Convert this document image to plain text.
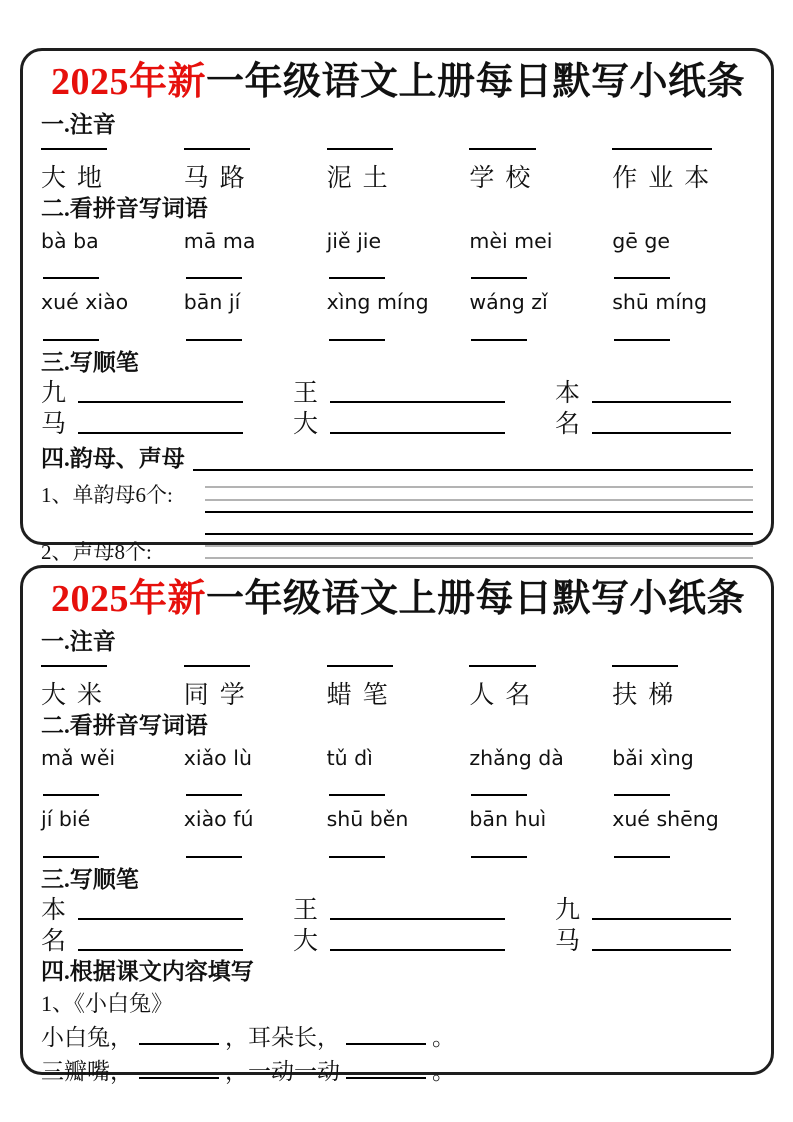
2025年新一年级语文上册每日默写小纸条
一.注音
大地	马路	泥土	学校	作业本
二.看拼音写词语
bà ba	mā ma	jiě jie	mèi mei	gē ge
xué xiào	bān jí	xìng míng	wáng zǐ	shū míng
三.写顺笔
九	王	本
马	大	名
四.韵母、声母
1、单韵母6个:
2、声母8个:
2025年新一年级语文上册每日默写小纸条
一.注音
大米	同学	蜡笔	人名	扶梯
二.看拼音写词语
mǎ wěi	xiǎo lù	tǔ dì	zhǎng dà	bǎi xìng
jí bié	xiào fú	shū běn	bān huì	xué shēng
三.写顺笔
本	王	九
名	大	马
四.根据课文内容填写
1、《小白兔》
小白兔，	，耳朵长，	。
三瓣嘴，	，一动一动	。
